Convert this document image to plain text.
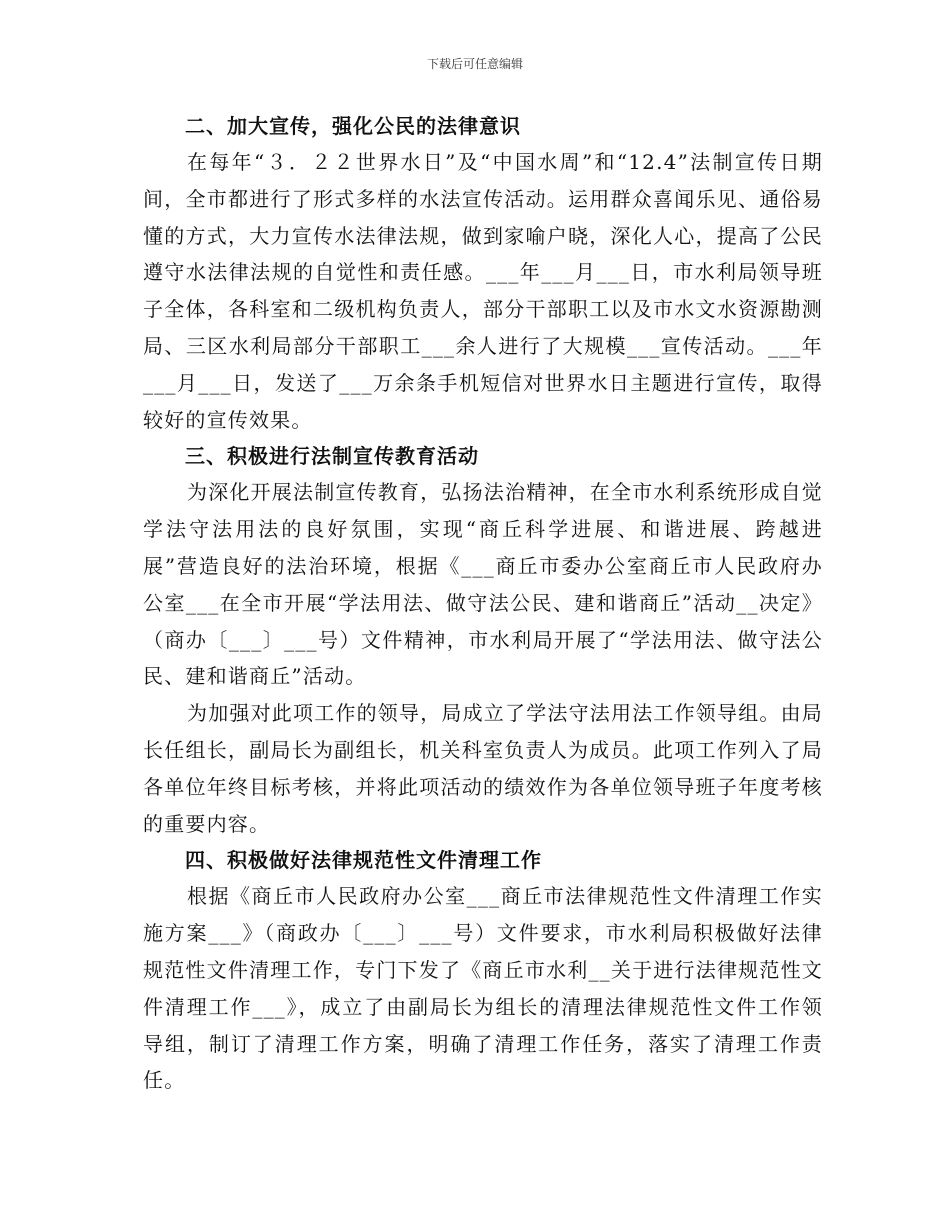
下载后可任意编辑

二、加大宣传，强化公民的法律意识

在每年“３．２２世界水日”及“中国水周”和“12.4”法制宣传日期间，全市都进行了形式多样的水法宣传活动。运用群众喜闻乐见、通俗易懂的方式，大力宣传水法律法规，做到家喻户晓，深化人心，提高了公民遵守水法律法规的自觉性和责任感。___年___月___日，市水利局领导班子全体，各科室和二级机构负责人，部分干部职工以及市水文水资源勘测局、三区水利局部分干部职工___余人进行了大规模___宣传活动。___年___月___日，发送了___万余条手机短信对世界水日主题进行宣传，取得较好的宣传效果。

三、积极进行法制宣传教育活动

为深化开展法制宣传教育，弘扬法治精神，在全市水利系统形成自觉学法守法用法的良好氛围，实现“商丘科学进展、和谐进展、跨越进展”营造良好的法治环境，根据《___商丘市委办公室商丘市人民政府办公室___在全市开展“学法用法、做守法公民、建和谐商丘”活动__决定》（商办〔___〕___号）文件精神，市水利局开展了“学法用法、做守法公民、建和谐商丘”活动。

为加强对此项工作的领导，局成立了学法守法用法工作领导组。由局长任组长，副局长为副组长，机关科室负责人为成员。此项工作列入了局各单位年终目标考核，并将此项活动的绩效作为各单位领导班子年度考核的重要内容。

四、积极做好法律规范性文件清理工作

根据《商丘市人民政府办公室___商丘市法律规范性文件清理工作实施方案___》（商政办〔___〕___号）文件要求，市水利局积极做好法律规范性文件清理工作，专门下发了《商丘市水利__关于进行法律规范性文件清理工作___》，成立了由副局长为组长的清理法律规范性文件工作领导组，制订了清理工作方案，明确了清理工作任务，落实了清理工作责任。
